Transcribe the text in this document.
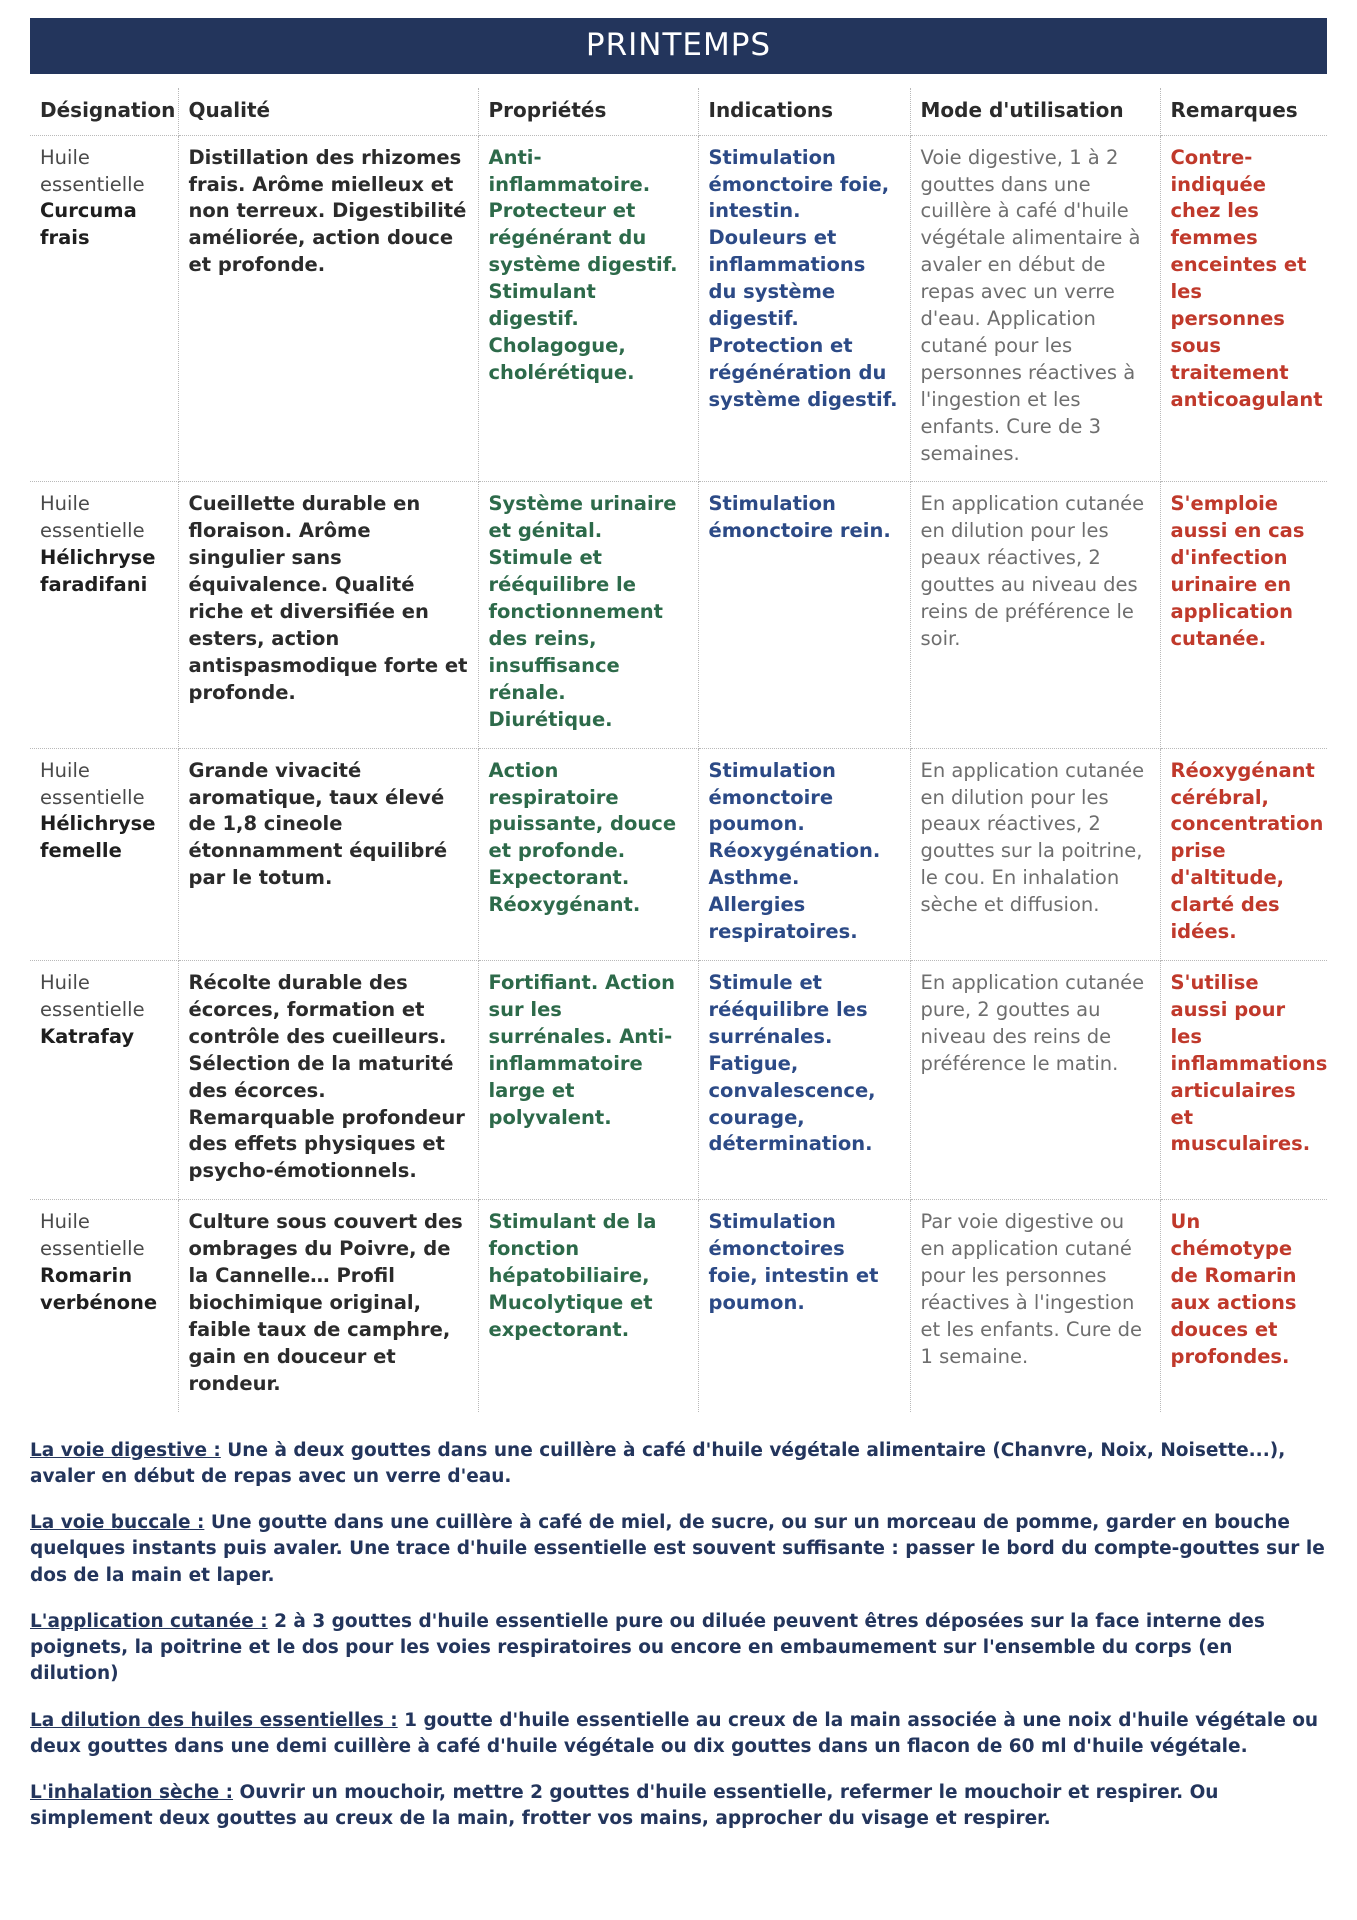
PRINTEMPS
Désignation	Qualité	Propriétés	Indications	Mode d'utilisation	Remarques
Huile essentielle
Curcuma frais	Distillation des rhizomes frais. Arôme mielleux et non terreux. Digestibilité améliorée, action douce et profonde.	Anti-inflammatoire. Protecteur et régénérant du système digestif. Stimulant digestif. Cholagogue, cholérétique.	Stimulation émonctoire foie, intestin. Douleurs et inflammations du système digestif. Protection et régénération du système digestif.	Voie digestive, 1 à 2 gouttes dans une cuillère à café d'huile végétale alimentaire à avaler en début de repas avec un verre d'eau. Application cutané pour les personnes réactives à l'ingestion et les enfants. Cure de 3 semaines.	Contre-indiquée chez les femmes enceintes et les personnes sous traitement anticoagulant
Huile essentielle
Hélichryse faradifani	Cueillette durable en floraison. Arôme singulier sans équivalence. Qualité riche et diversifiée en esters, action antispasmodique forte et profonde.	Système urinaire et génital. Stimule et rééquilibre le fonctionnement des reins, insuffisance rénale. Diurétique.	Stimulation émonctoire rein.	En application cutanée en dilution pour les peaux réactives, 2 gouttes au niveau des reins de préférence le soir.	S'emploie aussi en cas d'infection urinaire en application cutanée.
Huile essentielle
Hélichryse femelle	Grande vivacité aromatique, taux élevé de 1,8 cineole étonnamment équilibré par le totum.	Action respiratoire puissante, douce et profonde. Expectorant. Réoxygénant.	Stimulation émonctoire poumon. Réoxygénation. Asthme. Allergies respiratoires.	En application cutanée en dilution pour les peaux réactives, 2 gouttes sur la poitrine, le cou. En inhalation sèche et diffusion.	Réoxygénant cérébral, concentration prise d'altitude, clarté des idées.
Huile essentielle
Katrafay	Récolte durable des écorces, formation et contrôle des cueilleurs. Sélection de la maturité des écorces. Remarquable profondeur des effets physiques et psycho-émotionnels.	Fortifiant. Action sur les surrénales. Anti-inflammatoire large et polyvalent.	Stimule et rééquilibre les surrénales. Fatigue, convalescence, courage, détermination.	En application cutanée pure, 2 gouttes au niveau des reins de préférence le matin.	S'utilise aussi pour les inflammations articulaires et musculaires.
Huile essentielle
Romarin verbénone	Culture sous couvert des ombrages du Poivre, de la Cannelle… Profil biochimique original, faible taux de camphre, gain en douceur et rondeur.	Stimulant de la fonction hépatobiliaire, Mucolytique et expectorant.	Stimulation émonctoires foie, intestin et poumon.	Par voie digestive ou en application cutané pour les personnes réactives à l'ingestion et les enfants. Cure de 1 semaine.	Un chémotype de Romarin aux actions douces et profondes.

La voie digestive : Une à deux gouttes dans une cuillère à café d'huile végétale alimentaire (Chanvre, Noix, Noisette...), avaler en début de repas avec un verre d'eau.

La voie buccale : Une goutte dans une cuillère à café de miel, de sucre, ou sur un morceau de pomme, garder en bouche quelques instants puis avaler. Une trace d'huile essentielle est souvent suffisante : passer le bord du compte-gouttes sur le dos de la main et laper.

L'application cutanée : 2 à 3 gouttes d'huile essentielle pure ou diluée peuvent êtres déposées sur la face interne des poignets, la poitrine et le dos pour les voies respiratoires ou encore en embaumement sur l'ensemble du corps (en dilution)

La dilution des huiles essentielles : 1 goutte d'huile essentielle au creux de la main associée à une noix d'huile végétale ou deux gouttes dans une demi cuillère à café d'huile végétale ou dix gouttes dans un flacon de 60 ml d'huile végétale.

L'inhalation sèche : Ouvrir un mouchoir, mettre 2 gouttes d'huile essentielle, refermer le mouchoir et respirer. Ou simplement deux gouttes au creux de la main, frotter vos mains, approcher du visage et respirer.
